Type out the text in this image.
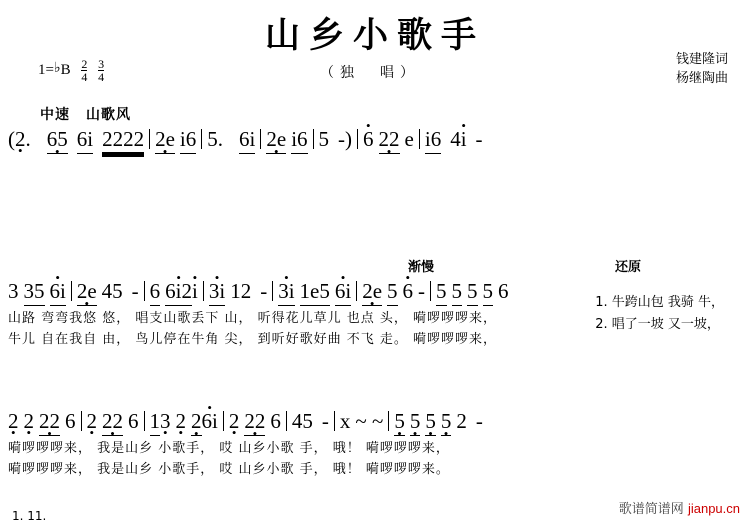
山乡小歌手
1=♭B $\frac{2}{4}$
$\frac{3}{4}$	（独　唱）
钱建隆词
杨继陶曲
中速 山歌风
(2 •. 65 • 6i 2222 2e • i6 5. 6i 2e • i6 5 -) • 6 22 • e i6 4• i -
1. 牛跨山包 我骑 牛，
2. 唱了一坡 又一坡，
渐慢	还原
3 35 • 6i 2e • 45 - 6 • 6i2• i • 3i 12 - • 3i 1e5 • 6i 2e • 5 • 6 - 5 5 5 5 6
山路 弯弯我悠 悠， 唱支山歌丢下 山， 听得花儿草儿 也点 头， 嗬啰啰啰来，
牛儿 自在我自 由， 鸟儿停在牛角 尖， 到听好歌好曲 不飞 走。 嗬啰啰啰来，
2 • 2 • 22 • 6 2 • 22 • 6 13 • 2 • 2 •• 6i 2 • 22 • 6 45 - x ~ ~ 5 • 5 • 5 • 5 • 2 -
嗬啰啰啰来， 我是山乡 小歌手， 哎 山乡小歌 手， 哦！ 嗬啰啰啰来，
嗬啰啰啰来， 我是山乡 小歌手， 哎 山乡小歌 手， 哦！ 嗬啰啰啰来。
1. 11.	歌谱简谱网 jianpu.cn
